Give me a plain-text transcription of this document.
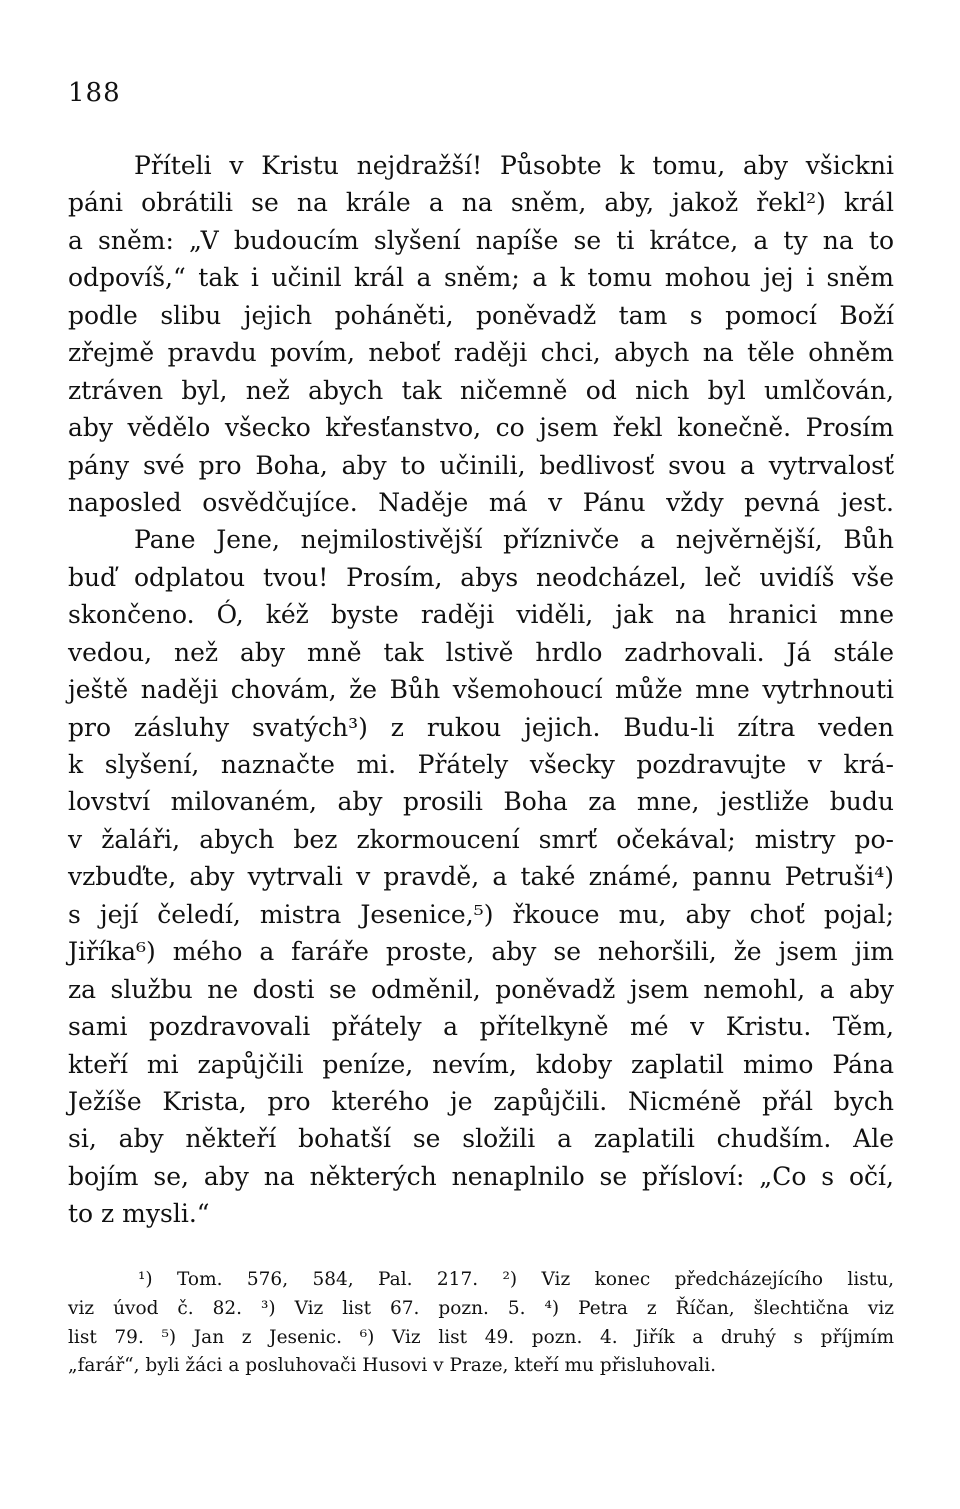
188
Příteli v Kristu nejdražší! Působte k tomu, aby všickni
páni obrátili se na krále a na sněm, aby, jakož řekl²) král
a sněm: „V budoucím slyšení napíše se ti krátce, a ty na to
odpovíš,“ tak i učinil král a sněm; a k tomu mohou jej i sněm
podle slibu jejich poháněti, poněvadž tam s pomocí Boží
zřejmě pravdu povím, neboť raději chci, abych na těle ohněm
ztráven byl, než abych tak ničemně od nich byl umlčován,
aby vědělo všecko křesťanstvo, co jsem řekl konečně. Prosím
pány své pro Boha, aby to učinili, bedlivosť svou a vytrvalosť
naposled osvědčujíce. Naděje má v Pánu vždy pevná jest.
Pane Jene, nejmilostivější příznivče a nejvěrnější, Bůh
buď odplatou tvou! Prosím, abys neodcházel, leč uvidíš vše
skončeno. Ó, kéž byste raději viděli, jak na hranici mne
vedou, než aby mně tak lstivě hrdlo zadrhovali. Já stále
ještě naději chovám, že Bůh všemohoucí může mne vytrhnouti
pro zásluhy svatých³) z rukou jejich. Budu-li zítra veden
k slyšení, naznačte mi. Přátely všecky pozdravujte v krá-
lovství milovaném, aby prosili Boha za mne, jestliže budu
v žaláři, abych bez zkormoucení smrť očekával; mistry po-
vzbuďte, aby vytrvali v pravdě, a také známé, pannu Petruši⁴)
s její čeledí, mistra Jesenice,⁵) řkouce mu, aby choť pojal;
Jiříka⁶) mého a faráře proste, aby se nehoršili, že jsem jim
za službu ne dosti se odměnil, poněvadž jsem nemohl, a aby
sami pozdravovali přátely a přítelkyně mé v Kristu. Těm,
kteří mi zapůjčili peníze, nevím, kdoby zaplatil mimo Pána
Ježíše Krista, pro kterého je zapůjčili. Nicméně přál bych
si, aby někteří bohatší se složili a zaplatili chudším. Ale
bojím se, aby na některých nenaplnilo se přísloví: „Co s očí,
to z mysli.“
¹) Tom. 576, 584, Pal. 217. ²) Viz konec předcházejícího listu,
viz úvod č. 82. ³) Viz list 67. pozn. 5. ⁴) Petra z Říčan, šlechtična viz
list 79. ⁵) Jan z Jesenic. ⁶) Viz list 49. pozn. 4. Jiřík a druhý s příjmím
„farář“, byli žáci a posluhovači Husovi v Praze, kteří mu přisluhovali.
